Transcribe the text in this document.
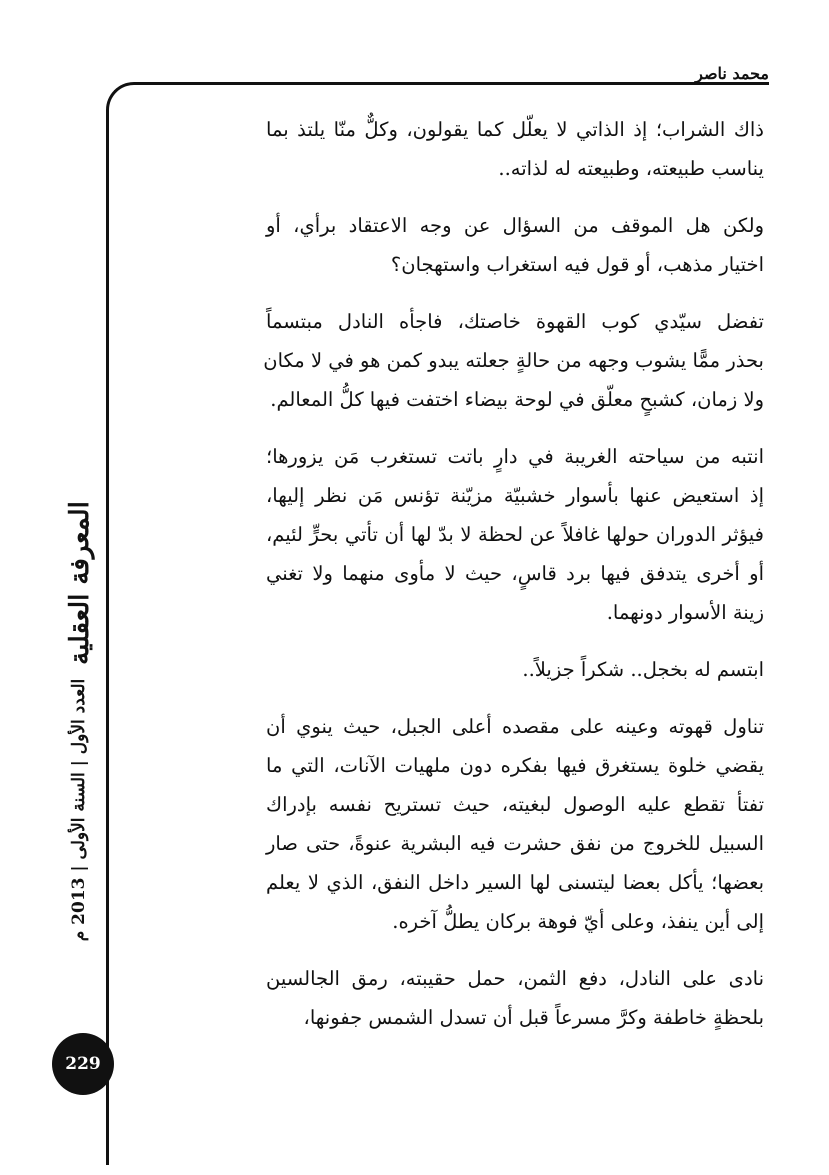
محمد ناصر
المعرفة العقلية
العدد الأول | السنة الأولى | 2013 م
229
ذاك الشراب؛ إذ الذاتي لا يعلّل كما يقولون، وكلٌّ منّا يلتذ بما
يناسب طبيعته، وطبيعته له لذاته..
ولكن هل الموقف من السؤال عن وجه الاعتقاد برأي، أو
اختيار مذهب، أو قول فيه استغراب واستهجان؟
تفضل سيّدي كوب القهوة خاصتك، فاجأه النادل مبتسماً
بحذر ممًّا يشوب وجهه من حالةٍ جعلته يبدو كمن هو في لا مكان
ولا زمان، كشبحٍ معلّق في لوحة بيضاء اختفت فيها كلُّ المعالم.
انتبه من سياحته الغريبة في دارٍ باتت تستغرب مَن يزورها؛
إذ استعيض عنها بأسوار خشبيّة مزيّنة تؤنس مَن نظر إليها،
فيؤثر الدوران حولها غافلاً عن لحظة لا بدّ لها أن تأتي بحرٍّ لئيم،
أو أخرى يتدفق فيها برد قاسٍ، حيث لا مأوى منهما ولا تغني
زينة الأسوار دونهما.
ابتسم له بخجل.. شكراً جزيلاً..
تناول قهوته وعينه على مقصده أعلى الجبل، حيث ينوي أن
يقضي خلوة يستغرق فيها بفكره دون ملهيات الآنات، التي ما
تفتأ تقطع عليه الوصول لبغيته، حيث تستريح نفسه بإدراك
السبيل للخروج من نفق حشرت فيه البشرية عنوةً، حتى صار
بعضها؛ يأكل بعضا ليتسنى لها السير داخل النفق، الذي لا يعلم
إلى أين ينفذ، وعلى أيّ فوهة بركان يطلُّ آخره.
نادى على النادل، دفع الثمن، حمل حقيبته، رمق الجالسين
بلحظةٍ خاطفة وكرَّ مسرعاً قبل أن تسدل الشمس جفونها،
